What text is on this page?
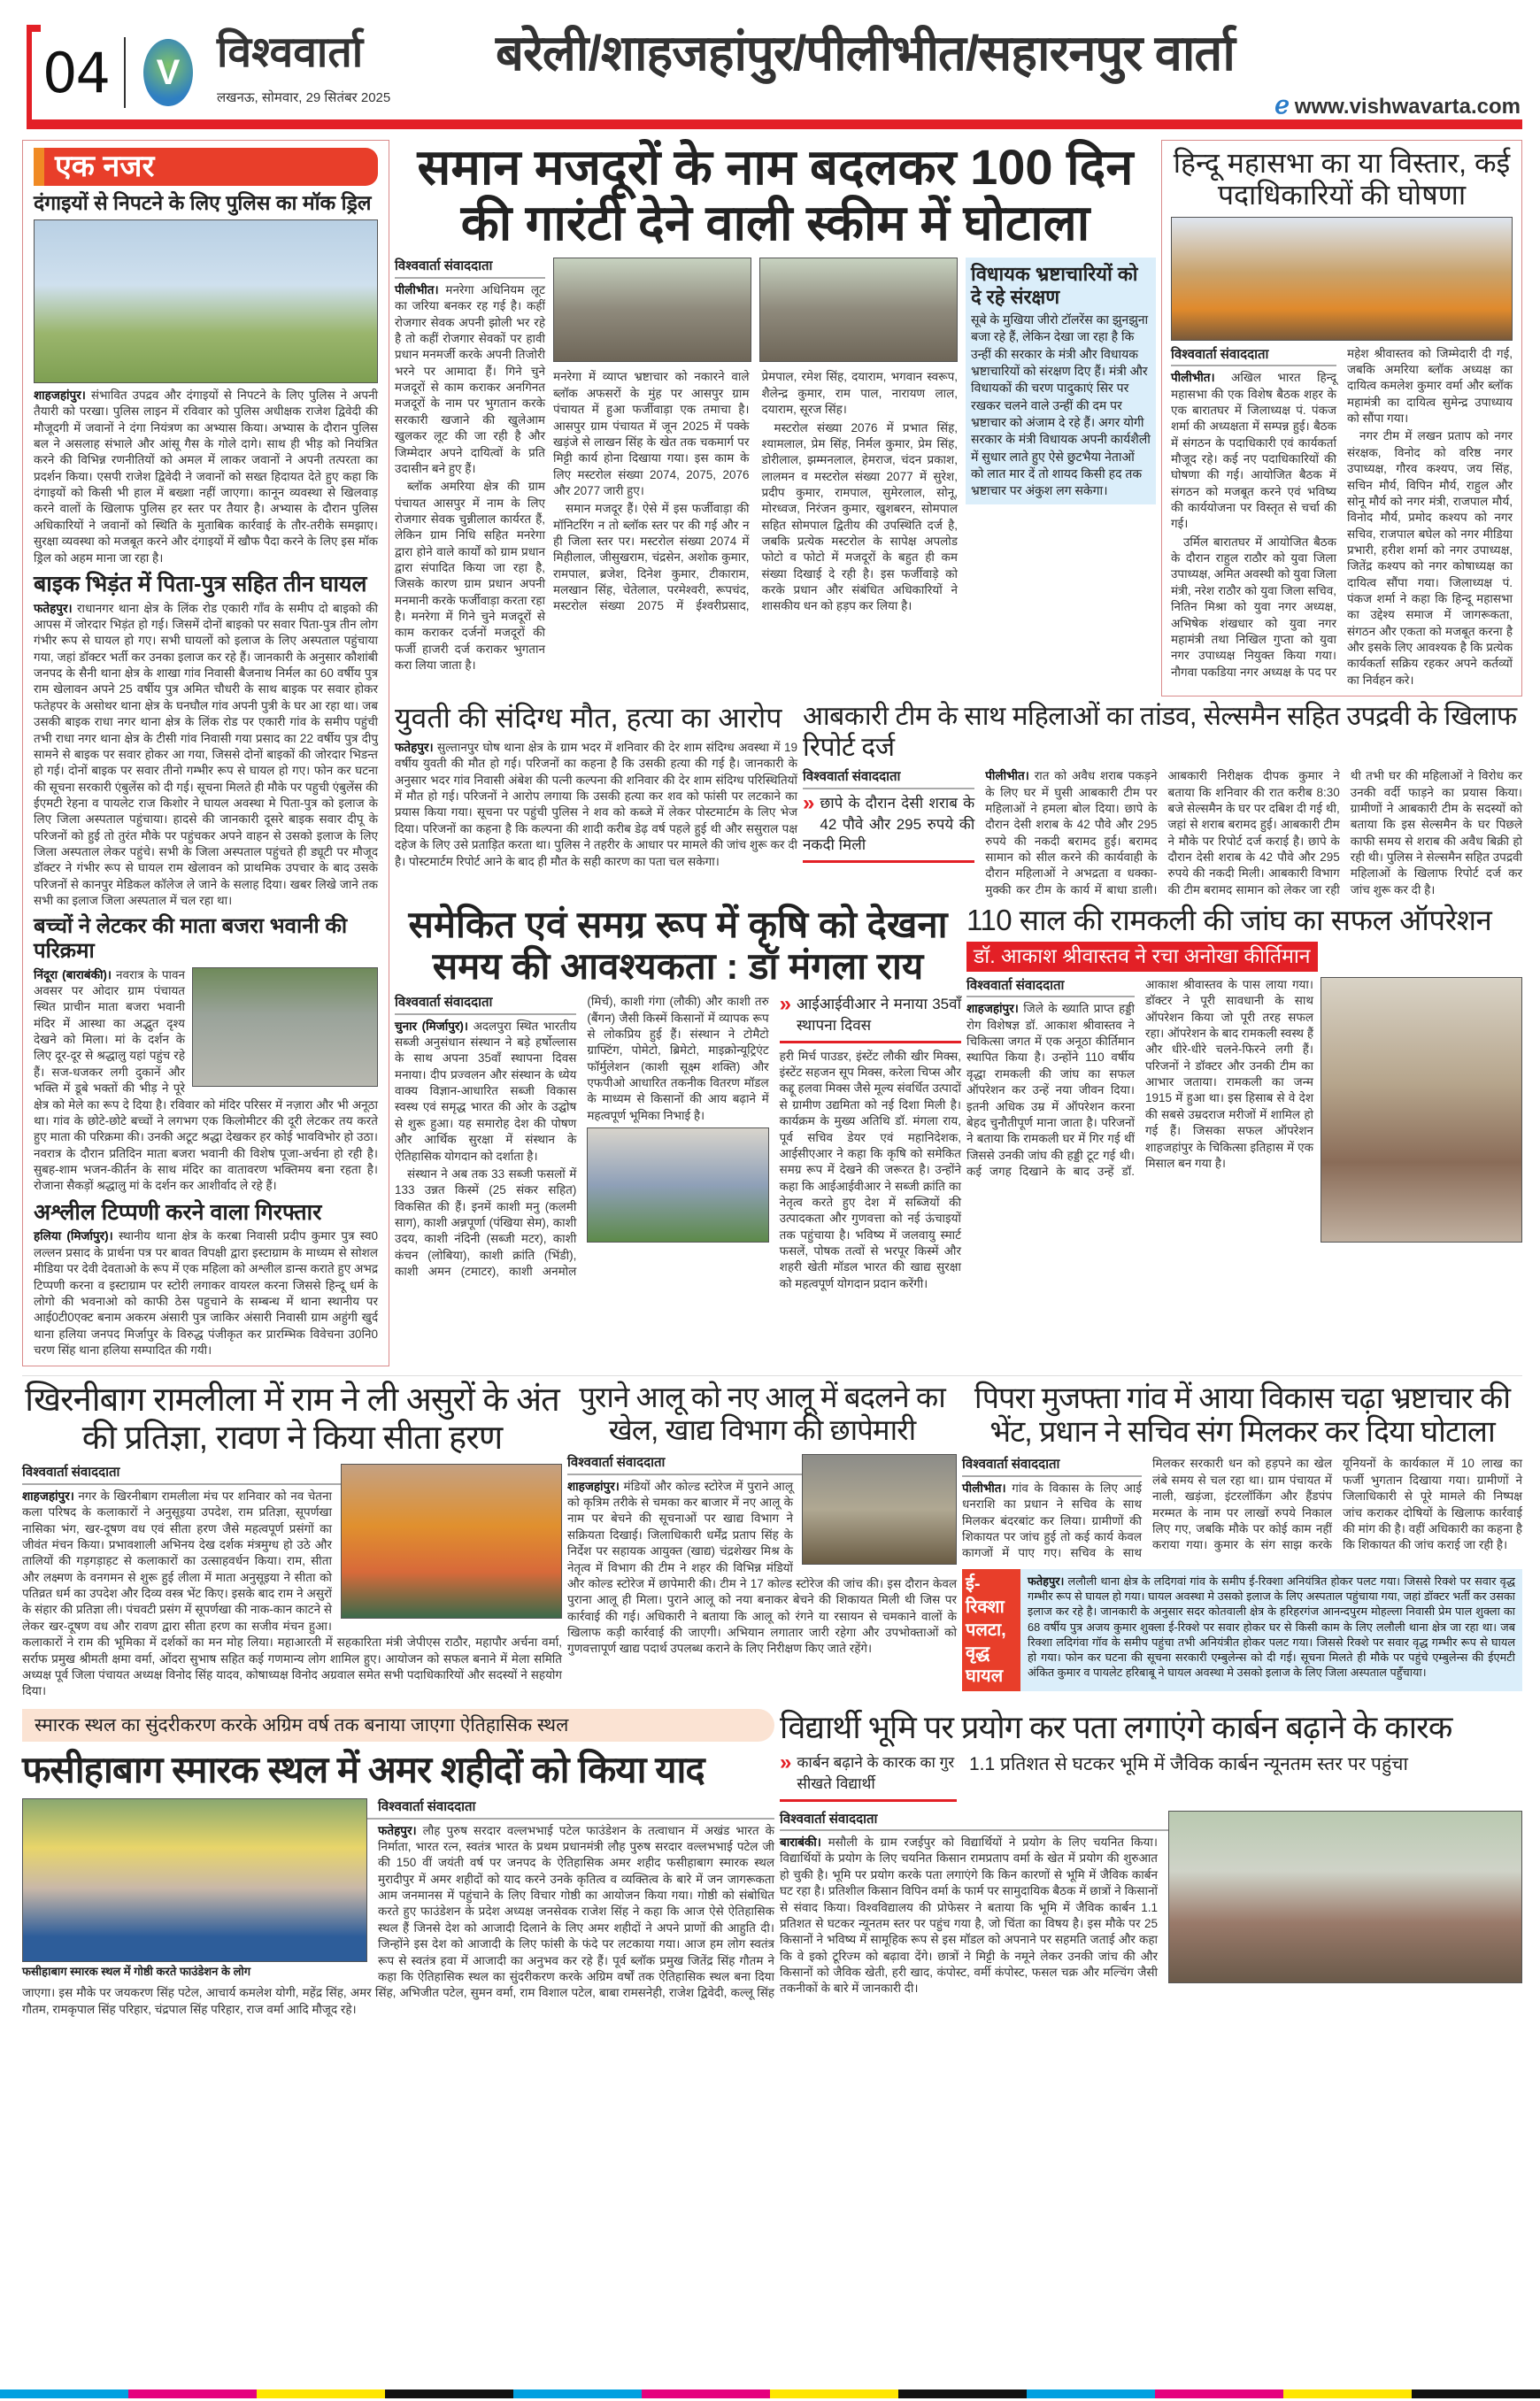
04	V विश्ववार्ता
लखनऊ, सोमवार, 29 सितंबर 2025
बरेली/शाहजहांपुर/पीलीभीत/सहारनपुर वार्ता
ℯ www.vishwavarta.com
एक नजर
दंगाइयों से निपटने के लिए पुलिस का मॉक ड्रिल
शाहजहांपुर। संभावित उपद्रव और दंगाइयों से निपटने के लिए पुलिस ने अपनी तैयारी को परखा। पुलिस लाइन में रविवार को पुलिस अधीक्षक राजेश द्विवेदी की मौजूदगी में जवानों ने दंगा नियंत्रण का अभ्यास किया। अभ्यास के दौरान पुलिस बल ने असलाह संभाले और आंसू गैस के गोले दागे। साथ ही भीड़ को नियंत्रित करने की विभिन्न रणनीतियों को अमल में लाकर जवानों ने अपनी तत्परता का प्रदर्शन किया। एसपी राजेश द्विवेदी ने जवानों को सख्त हिदायत देते हुए कहा कि दंगाइयों को किसी भी हाल में बख्शा नहीं जाएगा। कानून व्यवस्था से खिलवाड़ करने वालों के खिलाफ पुलिस हर स्तर पर तैयार है। अभ्यास के दौरान पुलिस अधिकारियों ने जवानों को स्थिति के मुताबिक कार्रवाई के तौर-तरीके समझाए। सुरक्षा व्यवस्था को मजबूत करने और दंगाइयों में खौफ पैदा करने के लिए इस मॉक ड्रिल को अहम माना जा रहा है।
बाइक भिड़ंत में पिता-पुत्र सहित तीन घायल
फतेहपुर। राधानगर थाना क्षेत्र के लिंक रोड एकारी गाँव के समीप दो बाइको की आपस में जोरदार भिड़ंत हो गई। जिसमें दोनों बाइको पर सवार पिता-पुत्र तीन लोग गंभीर रूप से घायल हो गए। सभी घायलों को इलाज के लिए अस्पताल पहुंचाया गया, जहां डॉक्टर भर्ती कर उनका इलाज कर रहे हैं। जानकारी के अनुसार कौशांबी जनपद के सैनी थाना क्षेत्र के शाखा गांव निवासी बैजनाथ निर्मल का 60 वर्षीय पुत्र राम खेलावन अपने 25 वर्षीय पुत्र अमित चौधरी के साथ बाइक पर सवार होकर फतेहपर के असोथर थाना क्षेत्र के घनघौल गांव अपनी पुत्री के घर आ रहा था। जब उसकी बाइक राधा नगर थाना क्षेत्र के लिंक रोड पर एकारी गांव के समीप पहुंची तभी राधा नगर थाना क्षेत्र के टीसी गांव निवासी गया प्रसाद का 22 वर्षीय पुत्र दीपु सामने से बाइक पर सवार होकर आ गया, जिससे दोनों बाइकों की जोरदार भिडन्त हो गई। दोनों बाइक पर सवार तीनो गम्भीर रूप से घायल हो गए। फोन कर घटना की सूचना सरकारी एंबुलेंस को दी गई। सूचना मिलते ही मौके पर पहुची एंबुलेंस की ईएमटी रेहना व पायलेट राज किशोर ने घायल अवस्था मे पिता-पुत्र को इलाज के लिए जिला अस्पताल पहुंचाया। हादसे की जानकारी दूसरे बाइक सवार दीपू के परिजनों को हुई तो तुरंत मौके पर पहुंचकर अपने वाहन से उसको इलाज के लिए जिला अस्पताल लेकर पहुंचे। सभी के जिला अस्पताल पहुंचते ही ड्यूटी पर मौजूद डॉक्टर ने गंभीर रूप से घायल राम खेलावन को प्राथमिक उपचार के बाद उसके परिजनों से कानपुर मेडिकल कॉलेज ले जाने के सलाह दिया। खबर लिखे जाने तक सभी का इलाज जिला अस्पताल में चल रहा था।
बच्चों ने लेटकर की माता बजरा भवानी की परिक्रमा
निंदूरा (बाराबंकी)। नवरात्र के पावन अवसर पर ओदार ग्राम पंचायत स्थित प्राचीन माता बजरा भवानी मंदिर में आस्था का अद्भुत दृश्य देखने को मिला। मां के दर्शन के लिए दूर-दूर से श्रद्धालु यहां पहुंच रहे हैं। सज-धजकर लगी दुकानें और भक्ति में डूबे भक्तों की भीड़ ने पूरे क्षेत्र को मेले का रूप दे दिया है। रविवार को मंदिर परिसर में नज़ारा और भी अनूठा था। गांव के छोटे-छोटे बच्चों ने लगभग एक किलोमीटर की दूरी लेटकर तय करते हुए माता की परिक्रमा की। उनकी अटूट श्रद्धा देखकर हर कोई भावविभोर हो उठा। नवरात्र के दौरान प्रतिदिन माता बजरा भवानी की विशेष पूजा-अर्चना हो रही है। सुबह-शाम भजन-कीर्तन के साथ मंदिर का वातावरण भक्तिमय बना रहता है। रोजाना सैकड़ों श्रद्धालु मां के दर्शन कर आशीर्वाद ले रहे हैं।
अश्लील टिप्पणी करने वाला गिरफ्तार
हलिया (मिर्जापुर)। स्थानीय थाना क्षेत्र के करबा निवासी प्रदीप कुमार पुत्र स्व0 लल्लन प्रसाद के प्रार्थना पत्र पर बावत विपक्षी द्वारा इस्टाग्राम के माध्यम से सोशल मीडिया पर देवी देवताओ के रूप में एक महिला को अश्लील डान्स कराते हुए अभद्र टिप्पणी करना व इस्टाग्राम पर स्टोरी लगाकर वायरल करना जिससे हिन्दू धर्म के लोगो की भवनाओ को काफी ठेस पहुचाने के सम्बन्ध में थाना स्थानीय पर आई0टी0एक्ट बनाम अकरम अंसारी पुत्र जाकिर अंसारी निवासी ग्राम अहुंगी खुर्द थाना हलिया जनपद मिर्जापुर के विरुद्ध पंजीकृत कर प्रारम्भिक विवेचना उ0नि0 चरण सिंह थाना हलिया सम्पादित की गयी।
समान मजदूरों के नाम बदलकर 100 दिन की गारंटी देने वाली स्कीम में घोटाला
विश्ववार्ता संवाददाता

पीलीभीत। मनरेगा अधिनियम लूट का जरिया बनकर रह गई है। कहीं रोजगार सेवक अपनी झोली भर रहे है तो कहीं रोजगार सेवकों पर हावी प्रधान मनमर्जी करके अपनी तिजोरी भरने पर आमादा हैं। गिने चुने मजदूरों से काम कराकर अनगिनत मजदूरों के नाम पर भुगतान करके सरकारी खजाने की खुलेआम खुलकर लूट की जा रही है और जिम्मेदार अपने दायित्वों के प्रति उदासीन बने हुए हैं।

ब्लॉक अमरिया क्षेत्र की ग्राम पंचायत आसपुर में नाम के लिए रोजगार सेवक चुन्नीलाल कार्यरत हैं, लेकिन ग्राम निधि सहित मनरेगा द्वारा होने वाले कार्यों को ग्राम प्रधान द्वारा संपादित किया जा रहा है, जिसके कारण ग्राम प्रधान अपनी मनमानी करके फर्जीवाड़ा करता रहा है। मनरेगा में गिने चुने मजदूरों से काम कराकर दर्जनों मजदूरों की फर्जी हाजरी दर्ज कराकर भुगतान करा लिया जाता है।

मनरेगा में व्याप्त भ्रष्टाचार को नकारने वाले ब्लॉक अफसरों के मुंह पर आसपुर ग्राम पंचायत में हुआ फर्जीवाड़ा एक तमाचा है। आसपुर ग्राम पंचायत में जून 2025 में पक्के खड़ंजे से लाखन सिंह के खेत तक चकमार्ग पर मिट्टी कार्य होना दिखाया गया। इस काम के लिए मस्टरोल संख्या 2074, 2075, 2076 और 2077 जारी हुए।

समान मजदूर हैं। ऐसे में इस फर्जीवाड़ा की मॉनिटरिंग न तो ब्लॉक स्तर पर की गई और न ही जिला स्तर पर। मस्टरोल संख्या 2074 में मिहीलाल, जीसुखराम, चंद्रसेन, अशोक कुमार, रामपाल, ब्रजेश, दिनेश कुमार, टीकाराम, मलखान सिंह, चेतेलाल, परमेश्वरी, रूपचंद, मस्टरोल संख्या 2075 में ईश्वरीप्रसाद, प्रेमपाल, रमेश सिंह, दयाराम, भगवान स्वरूप, शैलेन्द्र कुमार, राम पाल, नारायण लाल, दयाराम, सूरज सिंह।

मस्टरोल संख्या 2076 में प्रभात सिंह, श्यामलाल, प्रेम सिंह, निर्मल कुमार, प्रेम सिंह, डोरीलाल, झम्मनलाल, हेमराज, चंदन प्रकाश, लालमन व मस्टरोल संख्या 2077 में सुरेश, प्रदीप कुमार, रामपाल, सुमेरलाल, सोनू, मोरध्वज, निरंजन कुमार, खुशबरन, सोमपाल सहित सोमपाल द्वितीय की उपस्थिति दर्ज है, जबकि प्रत्येक मस्टरोल के सापेक्ष अपलोड फोटो व फोटो में मजदूरों के बहुत ही कम संख्या दिखाई दे रही है। इस फर्जीवाड़े को करके प्रधान और संबंधित अधिकारियों ने शासकीय धन को हड़प कर लिया है।

विधायक भ्रष्टाचारियों को दे रहे संरक्षण
सूबे के मुखिया जीरो टॉलरेंस का झुनझुना बजा रहे हैं, लेकिन देखा जा रहा है कि उन्हीं की सरकार के मंत्री और विधायक भ्रष्टाचारियों को संरक्षण दिए हैं। मंत्री और विधायकों की चरण पादुकाएं सिर पर रखकर चलने वाले उन्हीं की दम पर भ्रष्टाचार को अंजाम दे रहे हैं। अगर योगी सरकार के मंत्री विधायक अपनी कार्यशैली में सुधार लाते हुए ऐसे छुटभैया नेताओं को लात मार दें तो शायद किसी हद तक भ्रष्टाचार पर अंकुश लग सकेगा।
हिन्दू महासभा का या विस्तार, कई पदाधिकारियों की घोषणा
विश्ववार्ता संवाददाता

पीलीभीत। अखिल भारत हिन्दू महासभा की एक विशेष बैठक शहर के एक बारातघर में जिलाध्यक्ष पं. पंकज शर्मा की अध्यक्षता में सम्पन्न हुई। बैठक में संगठन के पदाधिकारी एवं कार्यकर्ता मौजूद रहे। कई नए पदाधिकारियों की घोषणा की गई। आयोजित बैठक में संगठन को मजबूत करने एवं भविष्य की कार्ययोजना पर विस्तृत से चर्चा की गई।

उर्मिल बारातघर में आयोजित बैठक के दौरान राहुल राठौर को युवा जिला उपाध्यक्ष, अमित अवस्थी को युवा जिला मंत्री, नरेश राठौर को युवा जिला सचिव, नितिन मिश्रा को युवा नगर अध्यक्ष, अभिषेक शंखधार को युवा नगर महामंत्री तथा निखिल गुप्ता को युवा नगर उपाध्यक्ष नियुक्त किया गया। नौगवा पकडिया नगर अध्यक्ष के पद पर महेश श्रीवास्तव को जिम्मेदारी दी गई, जबकि अमरिया ब्लॉक अध्यक्ष का दायित्व कमलेश कुमार वर्मा और ब्लॉक महामंत्री का दायित्व सुमेन्द्र उपाध्याय को सौंपा गया।

नगर टीम में लखन प्रताप को नगर संरक्षक, विनोद को वरिष्ठ नगर उपाध्यक्ष, गौरव कश्यप, जय सिंह, सचिन मौर्य, विपिन मौर्य, राहुल और सोनू मौर्य को नगर मंत्री, राजपाल मौर्य, विनोद मौर्य, प्रमोद कश्यप को नगर सचिव, राजपाल बघेल को नगर मीडिया प्रभारी, हरीश शर्मा को नगर उपाध्यक्ष, जितेंद्र कश्यप को नगर कोषाध्यक्ष का दायित्व सौंपा गया। जिलाध्यक्ष पं. पंकज शर्मा ने कहा कि हिन्दू महासभा का उद्देश्य समाज में जागरूकता, संगठन और एकता को मजबूत करना है और इसके लिए आवश्यक है कि प्रत्येक कार्यकर्ता सक्रिय रहकर अपने कर्तव्यों का निर्वहन करे।

युवती की संदिग्ध मौत, हत्या का आरोप
फतेहपुर। सुल्तानपुर घोष थाना क्षेत्र के ग्राम भदर में शनिवार की देर शाम संदिग्ध अवस्था में 19 वर्षीय युवती की मौत हो गई। परिजनों का कहना है कि उसकी हत्या की गई है। जानकारी के अनुसार भदर गांव निवासी अंबेश की पत्नी कल्पना की शनिवार की देर शाम संदिग्ध परिस्थितियों में मौत हो गई। परिजनों ने आरोप लगाया कि उसकी हत्या कर शव को फांसी पर लटकाने का प्रयास किया गया। सूचना पर पहुंची पुलिस ने शव को कब्जे में लेकर पोस्टमार्टम के लिए भेज दिया। परिजनों का कहना है कि कल्पना की शादी करीब डेढ़ वर्ष पहले हुई थी और ससुराल पक्ष दहेज के लिए उसे प्रताड़ित करता था। पुलिस ने तहरीर के आधार पर मामले की जांच शुरू कर दी है। पोस्टमार्टम रिपोर्ट आने के बाद ही मौत के सही कारण का पता चल सकेगा।
आबकारी टीम के साथ महिलाओं का तांडव, सेल्समैन सहित उपद्रवी के खिलाफ रिपोर्ट दर्ज
विश्ववार्ता संवाददाता
» छापे के दौरान देसी शराब के 42 पौवे और 295 रुपये की नकदी मिली
पीलीभीत। रात को अवैध शराब पकड़ने के लिए घर में घुसी आबकारी टीम पर महिलाओं ने हमला बोल दिया। छापे के दौरान देसी शराब के 42 पौवे और 295 रुपये की नकदी बरामद हुई। बरामद सामान को सील करने की कार्यवाही के दौरान महिलाओं ने अभद्रता व धक्का-मुक्की कर टीम के कार्य में बाधा डाली। आबकारी निरीक्षक दीपक कुमार ने बताया कि शनिवार की रात करीब 8:30 बजे सेल्समैन के घर पर दबिश दी गई थी, जहां से शराब बरामद हुई। आबकारी टीम ने मौके पर रिपोर्ट दर्ज कराई है। छापे के दौरान देसी शराब के 42 पौवे और 295 रुपये की नकदी मिली। आबकारी विभाग की टीम बरामद सामान को लेकर जा रही थी तभी घर की महिलाओं ने विरोध कर उनकी वर्दी फाड़ने का प्रयास किया। ग्रामीणों ने आबकारी टीम के सदस्यों को बताया कि इस सेल्समैन के घर पिछले काफी समय से शराब की अवैध बिक्री हो रही थी। पुलिस ने सेल्समैन सहित उपद्रवी महिलाओं के खिलाफ रिपोर्ट दर्ज कर जांच शुरू कर दी है।
समेकित एवं समग्र रूप में कृषि को देखना समय की आवश्यकता : डॉ मंगला राय
विश्ववार्ता संवाददाता

चुनार (मिर्जापुर)। अदलपुरा स्थित भारतीय सब्जी अनुसंधान संस्थान ने बड़े हर्षोल्लास के साथ अपना 35वाँ स्थापना दिवस मनाया। दीप प्रज्वलन और संस्थान के ध्येय वाक्य विज्ञान-आधारित सब्जी विकास स्वस्थ एवं समृद्ध भारत की ओर के उद्घोष से शुरू हुआ। यह समारोह देश की पोषण और आर्थिक सुरक्षा में संस्थान के ऐतिहासिक योगदान को दर्शाता है।

संस्थान ने अब तक 33 सब्जी फसलों में 133 उन्नत किस्में (25 संकर सहित) विकसित की हैं। इनमें काशी मनु (कलमी साग), काशी अन्नपूर्णा (पंखिया सेम), काशी उदय, काशी नंदिनी (सब्जी मटर), काशी कंचन (लोबिया), काशी क्रांति (भिंडी), काशी अमन (टमाटर), काशी अनमोल (मिर्च), काशी गंगा (लौकी) और काशी तरु (बैंगन) जैसी किस्में किसानों में व्यापक रूप से लोकप्रिय हुई हैं। संस्थान ने टोमैटो ग्राफ्टिंग, पोमेटो, ब्रिमेटो, माइक्रोन्यूट्रिएंट फॉर्मुलेशन (काशी सूक्ष्म शक्ति) और एफपीओ आधारित तकनीक वितरण मॉडल के माध्यम से किसानों की आय बढ़ाने में महत्वपूर्ण भूमिका निभाई है।

» आईआईवीआर ने मनाया 35वाँ स्थापना दिवस

हरी मिर्च पाउडर, इंस्टेंट लौकी खीर मिक्स, इंस्टेंट सहजन सूप मिक्स, करेला चिप्स और कद्दू हलवा मिक्स जैसे मूल्य संवर्धित उत्पादों से ग्रामीण उद्यमिता को नई दिशा मिली है। कार्यक्रम के मुख्य अतिथि डॉ. मंगला राय, पूर्व सचिव डेयर एवं महानिदेशक, आईसीएआर ने कहा कि कृषि को समेकित समग्र रूप में देखने की जरूरत है। उन्होंने कहा कि आईआईवीआर ने सब्जी क्रांति का नेतृत्व करते हुए देश में सब्जियों की उत्पादकता और गुणवत्ता को नई ऊंचाइयों तक पहुंचाया है। भविष्य में जलवायु स्मार्ट फसलें, पोषक तत्वों से भरपूर किस्में और शहरी खेती मॉडल भारत की खाद्य सुरक्षा को महत्वपूर्ण योगदान प्रदान करेंगी।

110 साल की रामकली की जांघ का सफल ऑपरेशन
डॉ. आकाश श्रीवास्तव ने रचा अनोखा कीर्तिमान
विश्ववार्ता संवाददाता
शाहजहांपुर। जिले के ख्याति प्राप्त हड्डी रोग विशेषज्ञ डॉ. आकाश श्रीवास्तव ने चिकित्सा जगत में एक अनूठा कीर्तिमान स्थापित किया है। उन्होंने 110 वर्षीय वृद्धा रामकली की जांघ का सफल ऑपरेशन कर उन्हें नया जीवन दिया। इतनी अधिक उम्र में ऑपरेशन करना बेहद चुनौतीपूर्ण माना जाता है। परिजनों ने बताया कि रामकली घर में गिर गई थीं जिससे उनकी जांघ की हड्डी टूट गई थी। कई जगह दिखाने के बाद उन्हें डॉ. आकाश श्रीवास्तव के पास लाया गया। डॉक्टर ने पूरी सावधानी के साथ ऑपरेशन किया जो पूरी तरह सफल रहा। ऑपरेशन के बाद रामकली स्वस्थ हैं और धीरे-धीरे चलने-फिरने लगी हैं। परिजनों ने डॉक्टर और उनकी टीम का आभार जताया। रामकली का जन्म 1915 में हुआ था। इस हिसाब से वे देश की सबसे उम्रदराज मरीजों में शामिल हो गई हैं। जिसका सफल ऑपरेशन शाहजहांपुर के चिकित्सा इतिहास में एक मिसाल बन गया है।
खिरनीबाग रामलीला में राम ने ली असुरों के अंत की प्रतिज्ञा, रावण ने किया सीता हरण
विश्ववार्ता संवाददाता
शाहजहांपुर। नगर के खिरनीबाग रामलीला मंच पर शनिवार को नव चेतना कला परिषद के कलाकारों ने अनुसूइया उपदेश, राम प्रतिज्ञा, सूपर्णखा नासिका भंग, खर-दूषण वध एवं सीता हरण जैसे महत्वपूर्ण प्रसंगों का जीवंत मंचन किया। प्रभावशाली अभिनय देख दर्शक मंत्रमुग्ध हो उठे और तालियों की गड़गड़ाहट से कलाकारों का उत्साहवर्धन किया। राम, सीता और लक्ष्मण के वनगमन से शुरू हुई लीला में माता अनुसूइया ने सीता को पतिव्रत धर्म का उपदेश और दिव्य वस्त्र भेंट किए। इसके बाद राम ने असुरों के संहार की प्रतिज्ञा ली। पंचवटी प्रसंग में सूपर्णखा की नाक-कान काटने से लेकर खर-दूषण वध और रावण द्वारा सीता हरण का सजीव मंचन हुआ। कलाकारों ने राम की भूमिका में दर्शकों का मन मोह लिया। महाआरती में सहकारिता मंत्री जेपीएस राठौर, महापौर अर्चना वर्मा, सर्राफ प्रमुख श्रीमती क्षमा वर्मा, ओंदरा सुभाष सहित कई गणमान्य लोग शामिल हुए। आयोजन को सफल बनाने में मेला समिति अध्यक्ष पूर्व जिला पंचायत अध्यक्ष विनोद सिंह यादव, कोषाध्यक्ष विनोद अग्रवाल समेत सभी पदाधिकारियों और सदस्यों ने सहयोग दिया।
पुराने आलू को नए आलू में बदलने का खेल, खाद्य विभाग की छापेमारी
विश्ववार्ता संवाददाता
शाहजहांपुर। मंडियों और कोल्ड स्टोरेज में पुराने आलू को कृत्रिम तरीके से चमका कर बाजार में नए आलू के नाम पर बेचने की सूचनाओं पर खाद्य विभाग ने सक्रियता दिखाई। जिलाधिकारी धर्मेंद्र प्रताप सिंह के निर्देश पर सहायक आयुक्त (खाद्य) चंद्रशेखर मिश्र के नेतृत्व में विभाग की टीम ने शहर की विभिन्न मंडियों और कोल्ड स्टोरेज में छापेमारी की। टीम ने 17 कोल्ड स्टोरेज की जांच की। इस दौरान केवल पुराना आलू ही मिला। पुराने आलू को नया बनाकर बेचने की शिकायत मिली थी जिस पर कार्रवाई की गई। अधिकारी ने बताया कि आलू को रंगने या रसायन से चमकाने वालों के खिलाफ कड़ी कार्रवाई की जाएगी। अभियान लगातार जारी रहेगा और उपभोक्ताओं को गुणवत्तापूर्ण खाद्य पदार्थ उपलब्ध कराने के लिए निरीक्षण किए जाते रहेंगे।
पिपरा मुजफ्ता गांव में आया विकास चढ़ा भ्रष्टाचार की भेंट, प्रधान ने सचिव संग मिलकर कर दिया घोटाला
विश्ववार्ता संवाददाता
पीलीभीत। गांव के विकास के लिए आई धनराशि का प्रधान ने सचिव के साथ मिलकर बंदरबांट कर लिया। ग्रामीणों की शिकायत पर जांच हुई तो कई कार्य केवल कागजों में पाए गए। सचिव के साथ मिलकर सरकारी धन को हड़पने का खेल लंबे समय से चल रहा था। ग्राम पंचायत में नाली, खड़ंजा, इंटरलॉकिंग और हैंडपंप मरम्मत के नाम पर लाखों रुपये निकाल लिए गए, जबकि मौके पर कोई काम नहीं कराया गया। कुमार के संग साझ करके यूनियनों के कार्यकाल में 10 लाख का फर्जी भुगतान दिखाया गया। ग्रामीणों ने जिलाधिकारी से पूरे मामले की निष्पक्ष जांच कराकर दोषियों के खिलाफ कार्रवाई की मांग की है। वहीं अधिकारी का कहना है कि शिकायत की जांच कराई जा रही है।
ई-रिक्शा पलटा, वृद्ध घायल
फतेहपुर। ललौली थाना क्षेत्र के लदिगवां गांव के समीप ई-रिक्शा अनियंत्रित होकर पलट गया। जिससे रिक्शे पर सवार वृद्ध गम्भीर रूप से घायल हो गया। घायल अवस्था मे उसको इलाज के लिए अस्पताल पहुंचाया गया, जहां डॉक्टर भर्ती कर उसका इलाज कर रहे है। जानकारी के अनुसार सदर कोतवाली क्षेत्र के हरिहरगंज आनन्दपुरम मोहल्ला निवासी प्रेम पाल शुक्ला का 68 वर्षीय पुत्र अजय कुमार शुक्ला ई-रिक्शे पर सवार होकर घर से किसी काम के लिए ललौली थाना क्षेत्र जा रहा था। जब रिक्शा लदिगंवा गॉव के समीप पहुंचा तभी अनियंत्रीत होकर पलट गया। जिससे रिक्शे पर सवार वृद्ध गम्भीर रूप से घायल हो गया। फोन कर घटना की सूचना सरकारी एम्बुलेन्स को दी गई। सूचना मिलते ही मौके पर पहुंचे एम्बुलेन्स की ईएमटी अंकित कुमार व पायलेट हरिबाबू ने घायल अवस्था मे उसको इलाज के लिए जिला अस्पताल पहुँचाया।
स्मारक स्थल का सुंदरीकरण करके अग्रिम वर्ष तक बनाया जाएगा ऐतिहासिक स्थल
फसीहाबाग स्मारक स्थल में अमर शहीदों को किया याद
फसीहाबाग स्मारक स्थल में गोष्ठी करते फाउंडेशन के लोग
विश्ववार्ता संवाददाता
फतेहपुर। लौह पुरुष सरदार वल्लभभाई पटेल फाउंडेशन के तत्वाधान में अखंड भारत के निर्माता, भारत रत्न, स्वतंत्र भारत के प्रथम प्रधानमंत्री लौह पुरुष सरदार वल्लभभाई पटेल जी की 150 वीं जयंती वर्ष पर जनपद के ऐतिहासिक अमर शहीद फसीहाबाग स्मारक स्थल मुरादीपुर में अमर शहीदों को याद करने उनके कृतित्व व व्यक्तित्व के बारे में जन जागरूकता आम जनमानस में पहुंचाने के लिए विचार गोष्ठी का आयोजन किया गया। गोष्ठी को संबोधित करते हुए फाउंडेशन के प्रदेश अध्यक्ष जनसेवक राजेश सिंह ने कहा कि आज ऐसे ऐतिहासिक स्थल हैं जिनसे देश को आजादी दिलाने के लिए अमर शहीदों ने अपने प्राणों की आहुति दी। जिन्होंने इस देश को आजादी के लिए फांसी के फंदे पर लटकाया गया। आज हम लोग स्वतंत्र रूप से स्वतंत्र हवा में आजादी का अनुभव कर रहे हैं। पूर्व ब्लॉक प्रमुख जितेंद्र सिंह गौतम ने कहा कि ऐतिहासिक स्थल का सुंदरीकरण करके अग्रिम वर्षों तक ऐतिहासिक स्थल बना दिया जाएगा। इस मौके पर जयकरण सिंह पटेल, आचार्य कमलेश योगी, महेंद्र सिंह, अमर सिंह, अभिजीत पटेल, सुमन वर्मा, राम विशाल पटेल, बाबा रामसनेही, राजेश द्विवेदी, कल्लू सिंह गौतम, रामकृपाल सिंह परिहार, चंद्रपाल सिंह परिहार, राज वर्मा आदि मौजूद रहे।
विद्यार्थी भूमि पर प्रयोग कर पता लगाएंगे कार्बन बढ़ाने के कारक
» कार्बन बढ़ाने के कारक का गुर सीखते विद्यार्थी
1.1 प्रतिशत से घटकर भूमि में जैविक कार्बन न्यूनतम स्तर पर पहुंचा
विश्ववार्ता संवाददाता
बाराबंकी। मसौली के ग्राम रजईपुर को विद्यार्थियों ने प्रयोग के लिए चयनित किया। विद्यार्थियों के प्रयोग के लिए चयनित किसान रामप्रताप वर्मा के खेत में प्रयोग की शुरुआत हो चुकी है। भूमि पर प्रयोग करके पता लगाएंगे कि किन कारणों से भूमि में जैविक कार्बन घट रहा है। प्रतिशील किसान विपिन वर्मा के फार्म पर सामुदायिक बैठक में छात्रों ने किसानों से संवाद किया। विश्वविद्यालय की प्रोफेसर ने बताया कि भूमि में जैविक कार्बन 1.1 प्रतिशत से घटकर न्यूनतम स्तर पर पहुंच गया है, जो चिंता का विषय है। इस मौके पर 25 किसानों ने भविष्य में सामूहिक रूप से इस मॉडल को अपनाने पर सहमति जताई और कहा कि वे इको टूरिज्म को बढ़ावा देंगे। छात्रों ने मिट्टी के नमूने लेकर उनकी जांच की और किसानों को जैविक खेती, हरी खाद, कंपोस्ट, वर्मी कंपोस्ट, फसल चक्र और मल्चिंग जैसी तकनीकों के बारे में जानकारी दी।
